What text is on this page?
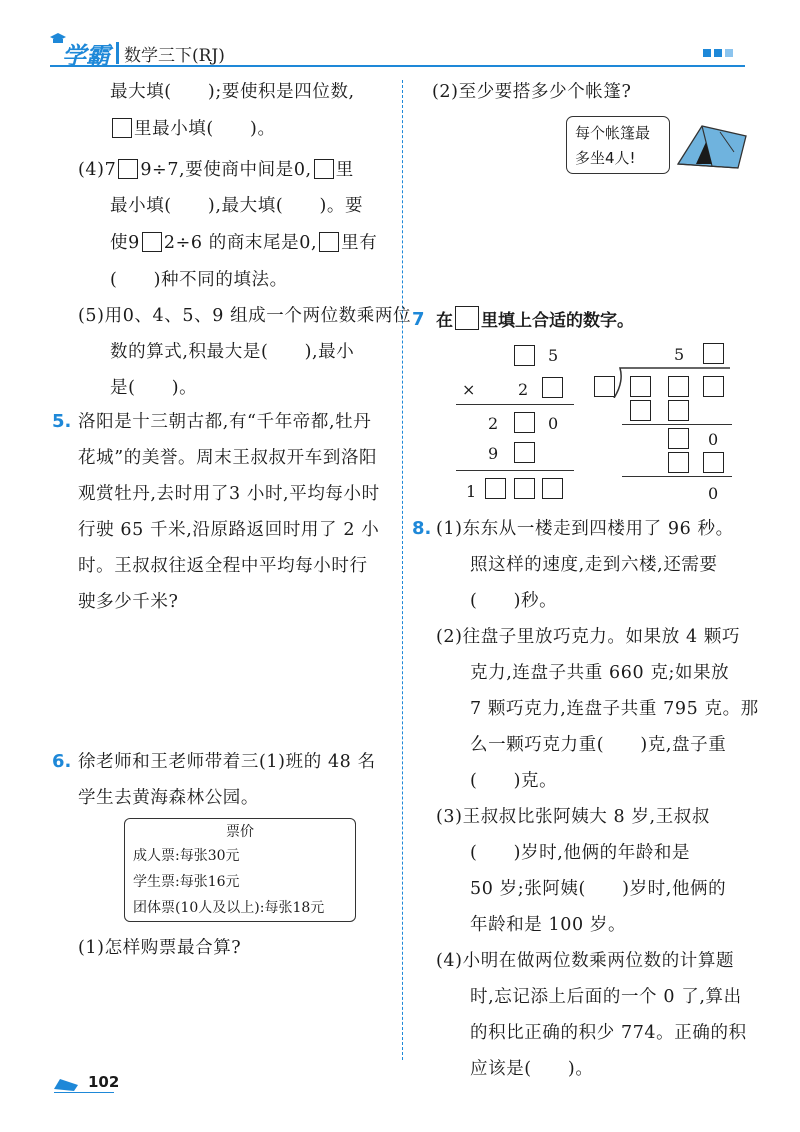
学霸 数学三下(RJ)
最大填(　　);要使积是四位数,
里最小填(　　)。
(4)7 9÷7,要使商中间是0, 里
最小填(　　),最大填(　　)。要
使9 2÷6 的商末尾是0, 里有
(　　)种不同的填法。
(5)用0、4、5、9 组成一个两位数乘两位
数的算式,积最大是(　　),最小
是(　　)。
5. 洛阳是十三朝古都,有“千年帝都,牡丹
花城”的美誉。周末王叔叔开车到洛阳
观赏牡丹,去时用了3 小时,平均每小时
行驶 65 千米,沿原路返回时用了 2 小
时。王叔叔往返全程中平均每小时行
驶多少千米?
6. 徐老师和王老师带着三(1)班的 48 名
学生去黄海森林公园。
票价
成人票:每张30元
学生票:每张16元
团体票(10人及以上):每张18元
(1)怎样购票最合算?
102
(2)至少要搭多少个帐篷?
每个帐篷最
多坐4人!
7 在 里填上合适的数字。
5
×	2
2	0
9
1
5
0
0
8. (1)东东从一楼走到四楼用了 96 秒。
照这样的速度,走到六楼,还需要
(　　)秒。
(2)往盘子里放巧克力。如果放 4 颗巧
克力,连盘子共重 660 克;如果放
7 颗巧克力,连盘子共重 795 克。那
么一颗巧克力重(　　)克,盘子重
(　　)克。
(3)王叔叔比张阿姨大 8 岁,王叔叔
(　　)岁时,他俩的年龄和是
50 岁;张阿姨(　　)岁时,他俩的
年龄和是 100 岁。
(4)小明在做两位数乘两位数的计算题
时,忘记添上后面的一个 0 了,算出
的积比正确的积少 774。正确的积
应该是(　　)。
